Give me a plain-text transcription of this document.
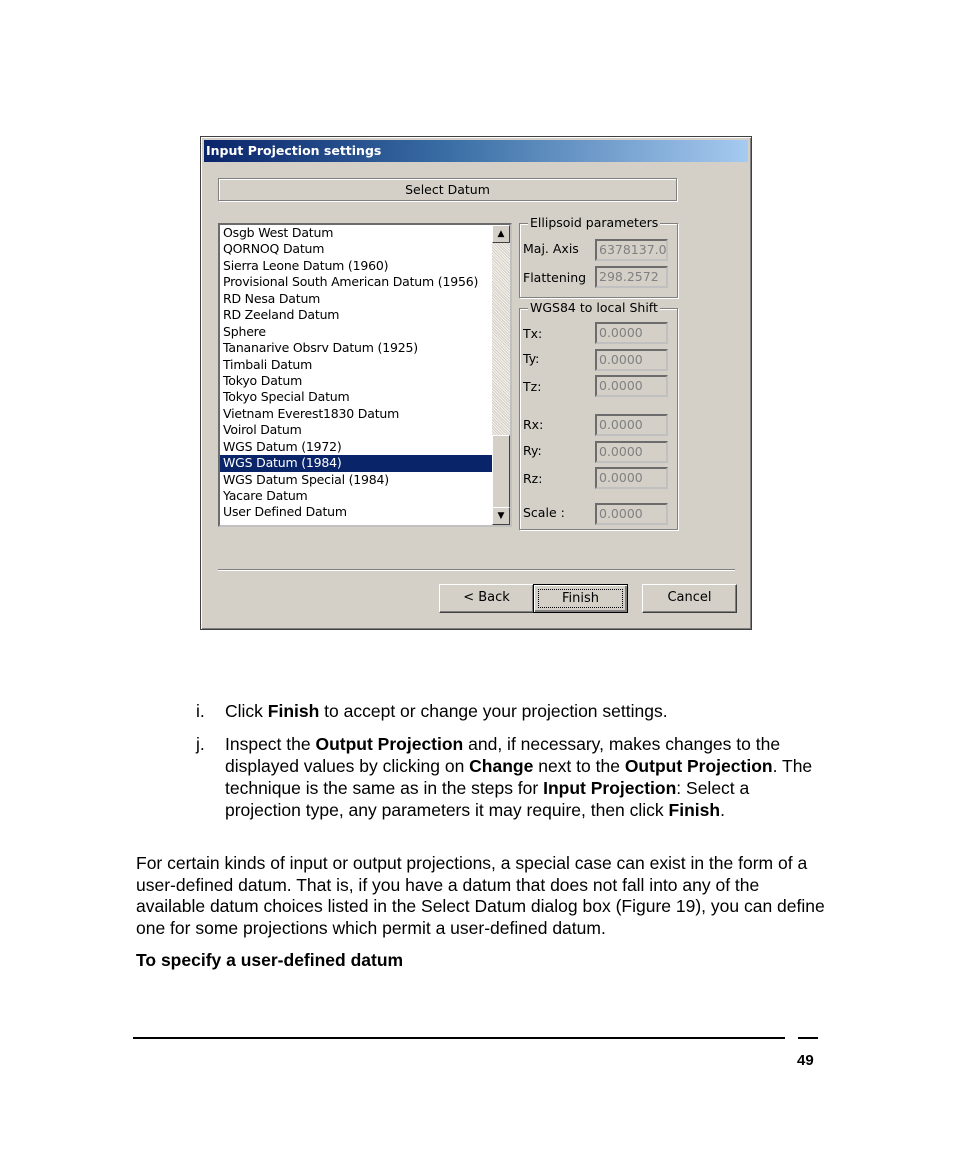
Input Projection settings
Select Datum
Osgb West Datum
QORNOQ Datum
Sierra Leone Datum (1960)
Provisional South American Datum (1956)
RD Nesa Datum
RD Zeeland Datum
Sphere
Tananarive Obsrv Datum (1925)
Timbali Datum
Tokyo Datum
Tokyo Special Datum
Vietnam Everest1830 Datum
Voirol Datum
WGS Datum (1972)
WGS Datum (1984)
WGS Datum Special (1984)
Yacare Datum
User Defined Datum
▲
▼
Ellipsoid parameters
Maj. Axis	6378137.0
Flattening	298.2572
WGS84 to local Shift
Tx:	0.0000
Ty:	0.0000
Tz:	0.0000
Rx:	0.0000
Ry:	0.0000
Rz:	0.0000
Scale :	0.0000
< Back	Finish	Cancel
i. Click Finish to accept or change your projection settings.
j. Inspect the Output Projection and, if necessary, makes changes to the displayed values by clicking on Change next to the Output Projection. The technique is the same as in the steps for Input Projection: Select a projection type, any parameters it may require, then click Finish.
For certain kinds of input or output projections, a special case can exist in the form of a user-defined datum. That is, if you have a datum that does not fall into any of the available datum choices listed in the Select Datum dialog box (Figure 19), you can define one for some projections which permit a user-defined datum.
To specify a user-defined datum
49
